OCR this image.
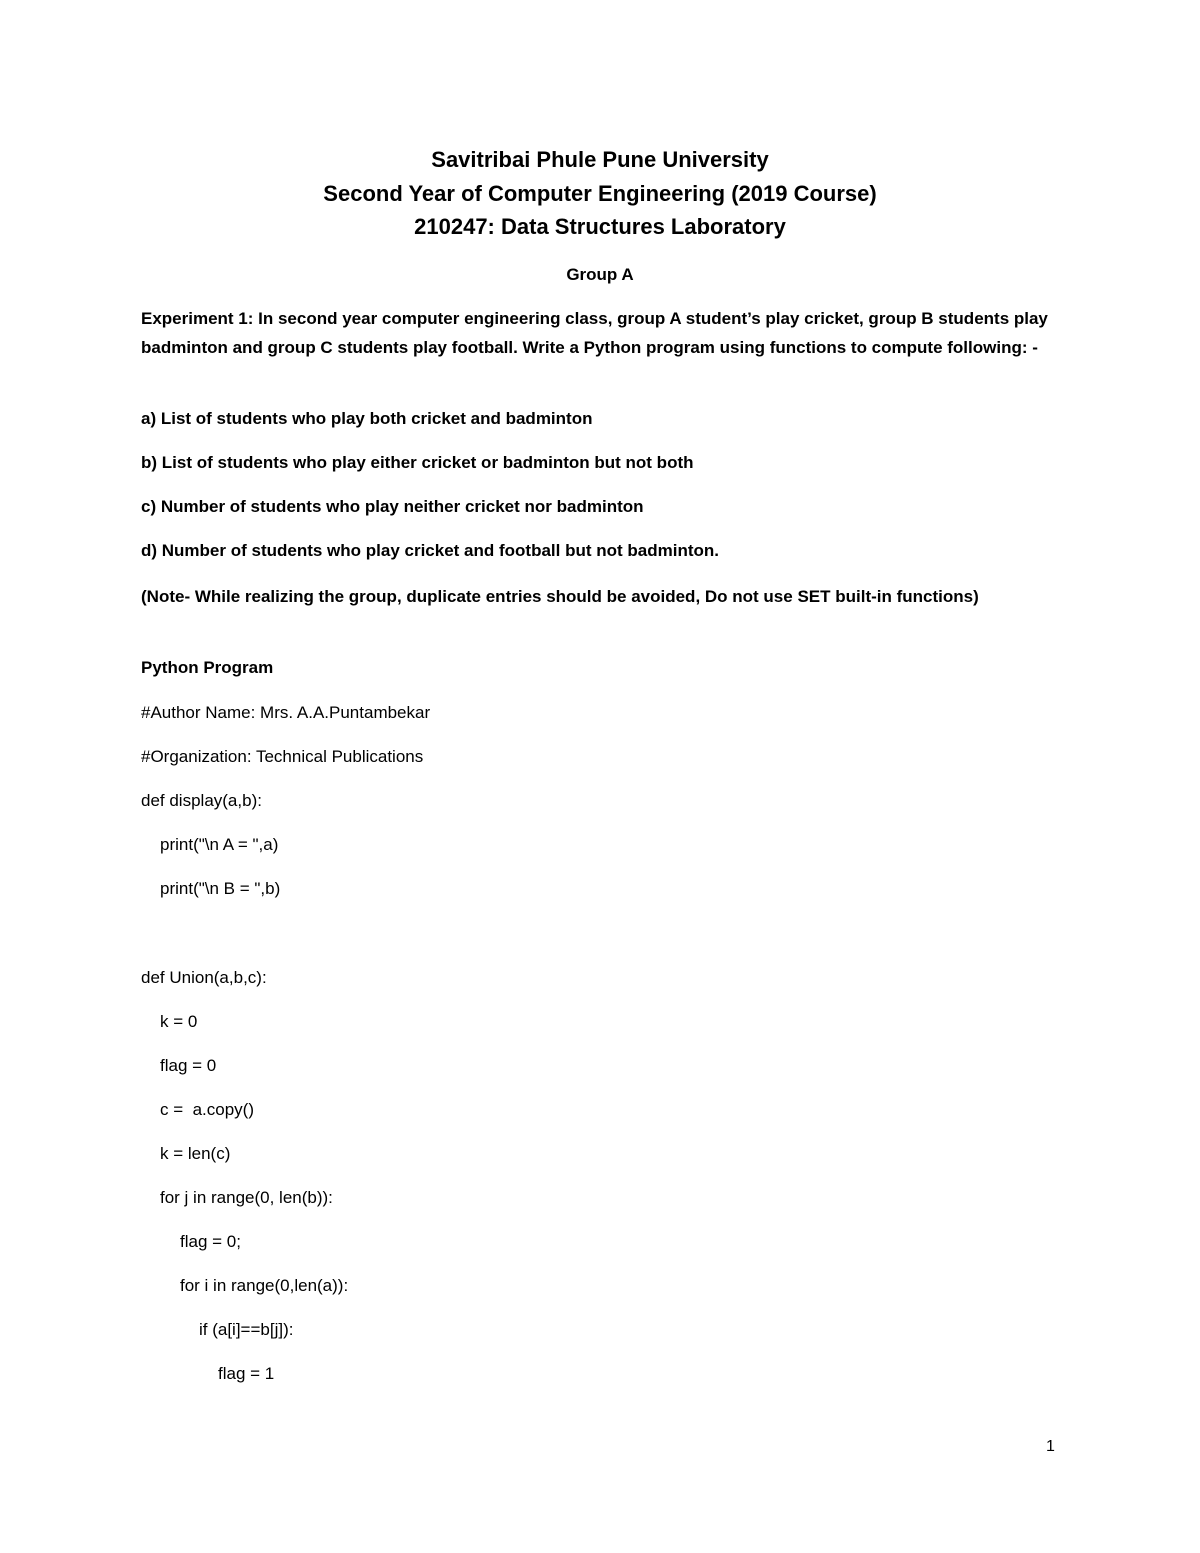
Savitribai Phule Pune University
Second Year of Computer Engineering (2019 Course)
210247: Data Structures Laboratory
Group A
Experiment 1: In second year computer engineering class, group A student’s play cricket, group B students play badminton and group C students play football. Write a Python program using functions to compute following: -
a) List of students who play both cricket and badminton
b) List of students who play either cricket or badminton but not both
c) Number of students who play neither cricket nor badminton
d) Number of students who play cricket and football but not badminton.
(Note- While realizing the group, duplicate entries should be avoided, Do not use SET built-in functions)
Python Program
#Author Name: Mrs. A.A.Puntambekar
#Organization: Technical Publications
def display(a,b):
print("\n A = ",a)
print("\n B = ",b)
def Union(a,b,c):
k = 0
flag = 0
c =  a.copy()
k = len(c)
for j in range(0, len(b)):
flag = 0;
for i in range(0,len(a)):
if (a[i]==b[j]):
flag = 1
1
